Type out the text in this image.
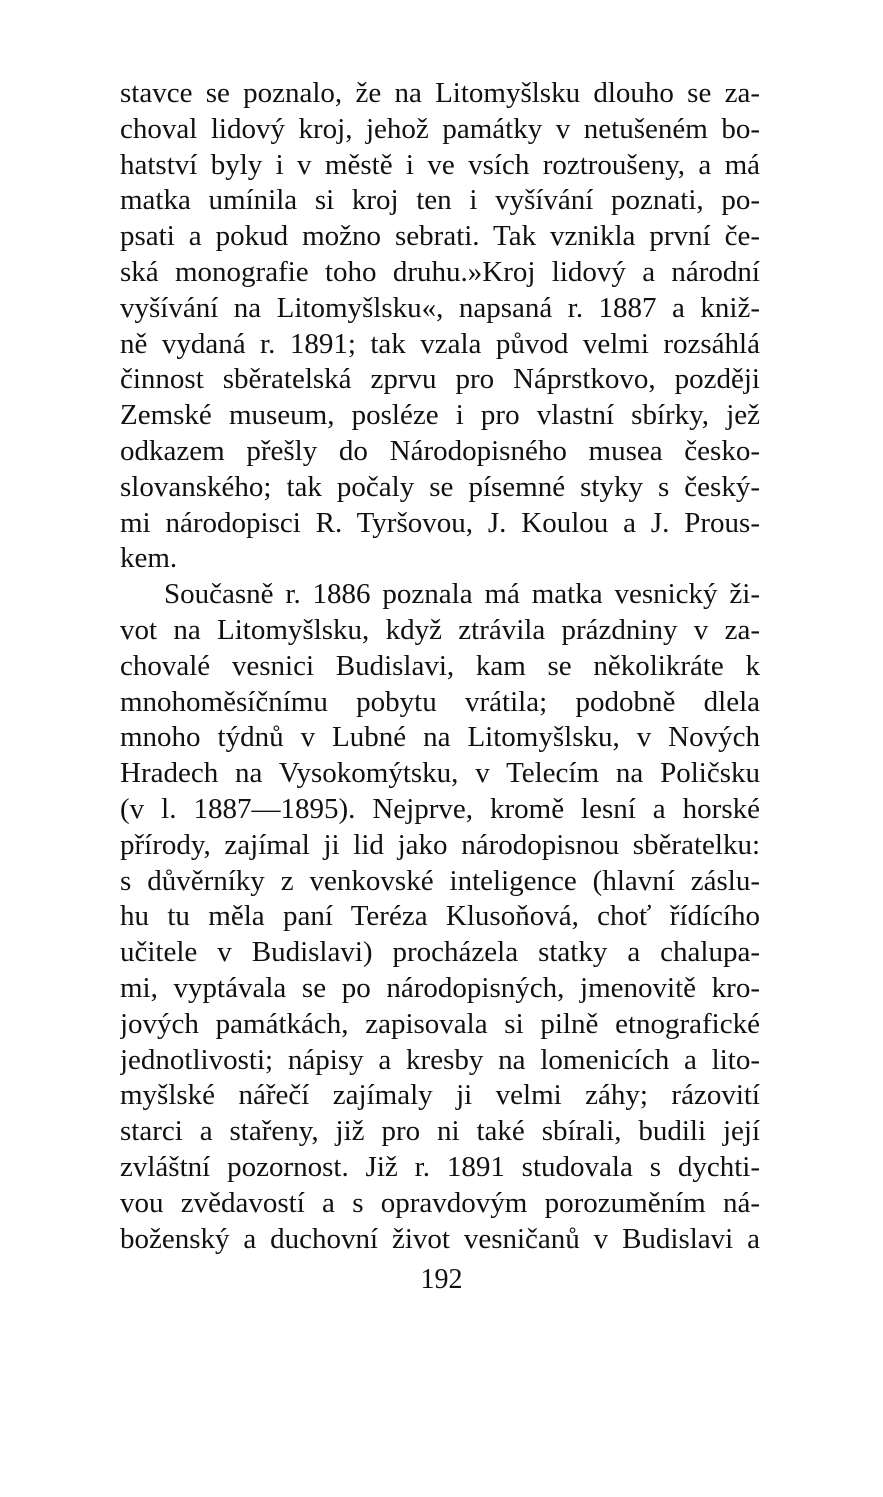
stavce se poznalo, že na Litomyšlsku dlouho se za-
choval lidový kroj, jehož památky v netušeném bo-
hatství byly i v městě i ve vsích roztroušeny, a má
matka umínila si kroj ten i vyšívání poznati, po-
psati a pokud možno sebrati. Tak vznikla první če-
ská monografie toho druhu.»Kroj lidový a národní
vyšívání na Litomyšlsku«, napsaná r. 1887 a kniž-
ně vydaná r. 1891; tak vzala původ velmi rozsáhlá
činnost sběratelská zprvu pro Náprstkovo, později
Zemské museum, posléze i pro vlastní sbírky, jež
odkazem přešly do Národopisného musea česko-
slovanského; tak počaly se písemné styky s český-
mi národopisci R. Tyršovou, J. Koulou a J. Prous-
kem.
Současně r. 1886 poznala má matka vesnický ži-
vot na Litomyšlsku, když ztrávila prázdniny v za-
chovalé vesnici Budislavi, kam se několikráte k
mnohoměsíčnímu pobytu vrátila; podobně dlela
mnoho týdnů v Lubné na Litomyšlsku, v Nových
Hradech na Vysokomýtsku, v Telecím na Poličsku
(v l. 1887—1895). Nejprve, kromě lesní a horské
přírody, zajímal ji lid jako národopisnou sběratelku:
s důvěrníky z venkovské inteligence (hlavní záslu-
hu tu měla paní Teréza Klusoňová, choť řídícího
učitele v Budislavi) procházela statky a chalupa-
mi, vyptávala se po národopisných, jmenovitě kro-
jových památkách, zapisovala si pilně etnografické
jednotlivosti; nápisy a kresby na lomenicích a lito-
myšlské nářečí zajímaly ji velmi záhy; rázovití
starci a stařeny, již pro ni také sbírali, budili její
zvláštní pozornost. Již r. 1891 studovala s dychti-
vou zvědavostí a s opravdovým porozuměním ná-
boženský a duchovní život vesničanů v Budislavi a
192
